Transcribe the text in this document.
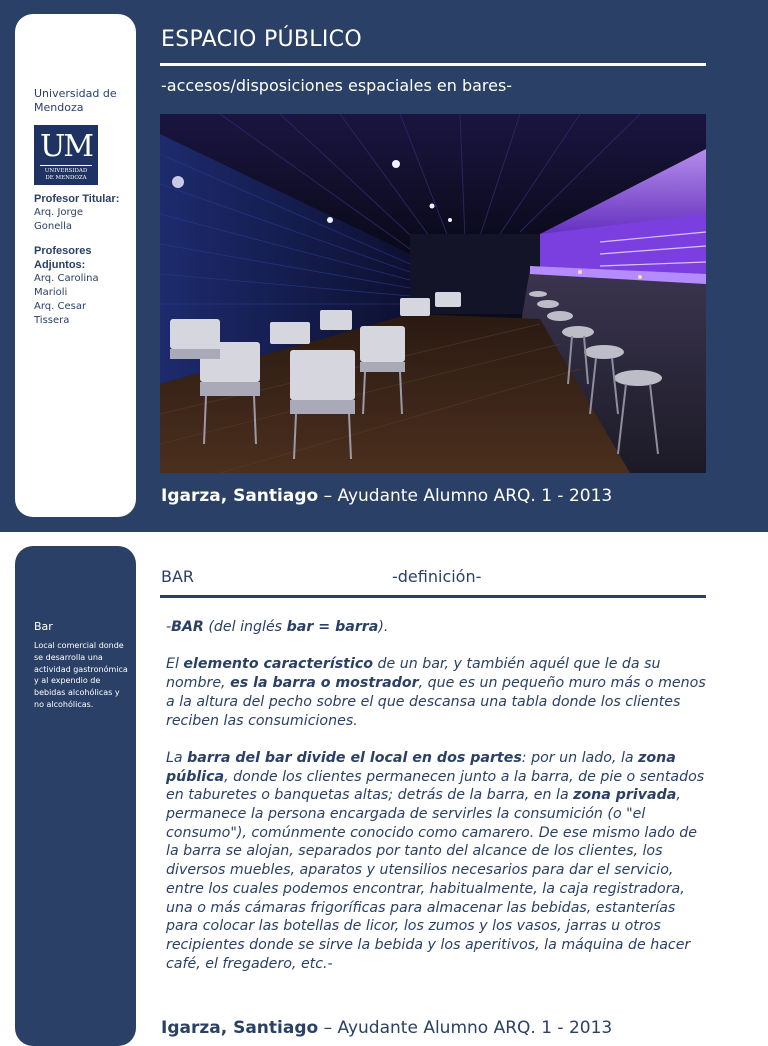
Universidad de Mendoza
UM
UNIVERSIDAD
DE MENDOZA
Profesor Titular:
Arq. Jorge
Gonella
Profesores
Adjuntos:
Arq. Carolina
Marioli
Arq. Cesar
Tissera
ESPACIO PÚBLICO
-accesos/disposiciones espaciales en bares-
Igarza, Santiago – Ayudante Alumno ARQ. 1 - 2013
Bar
Local comercial donde se desarrolla una actividad gastronómica y al expendio de bebidas alcohólicas y no alcohólicas.
BAR	-definición-

-BAR (del inglés bar = barra).

El elemento característico de un bar, y también aquél que le da su nombre, es la barra o mostrador, que es un pequeño muro más o menos a la altura del pecho sobre el que descansa una tabla donde los clientes reciben las consumiciones.

La barra del bar divide el local en dos partes: por un lado, la zona pública, donde los clientes permanecen junto a la barra, de pie o sentados en taburetes o banquetas altas; detrás de la barra, en la zona privada, permanece la persona encargada de servirles la consumición (o "el consumo"), comúnmente conocido como camarero. De ese mismo lado de la barra se alojan, separados por tanto del alcance de los clientes, los diversos muebles, aparatos y utensilios necesarios para dar el servicio, entre los cuales podemos encontrar, habitualmente, la caja registradora, una o más cámaras frigoríficas para almacenar las bebidas, estanterías para colocar las botellas de licor, los zumos y los vasos, jarras u otros recipientes donde se sirve la bebida y los aperitivos, la máquina de hacer café, el fregadero, etc.-

Igarza, Santiago – Ayudante Alumno ARQ. 1 - 2013
